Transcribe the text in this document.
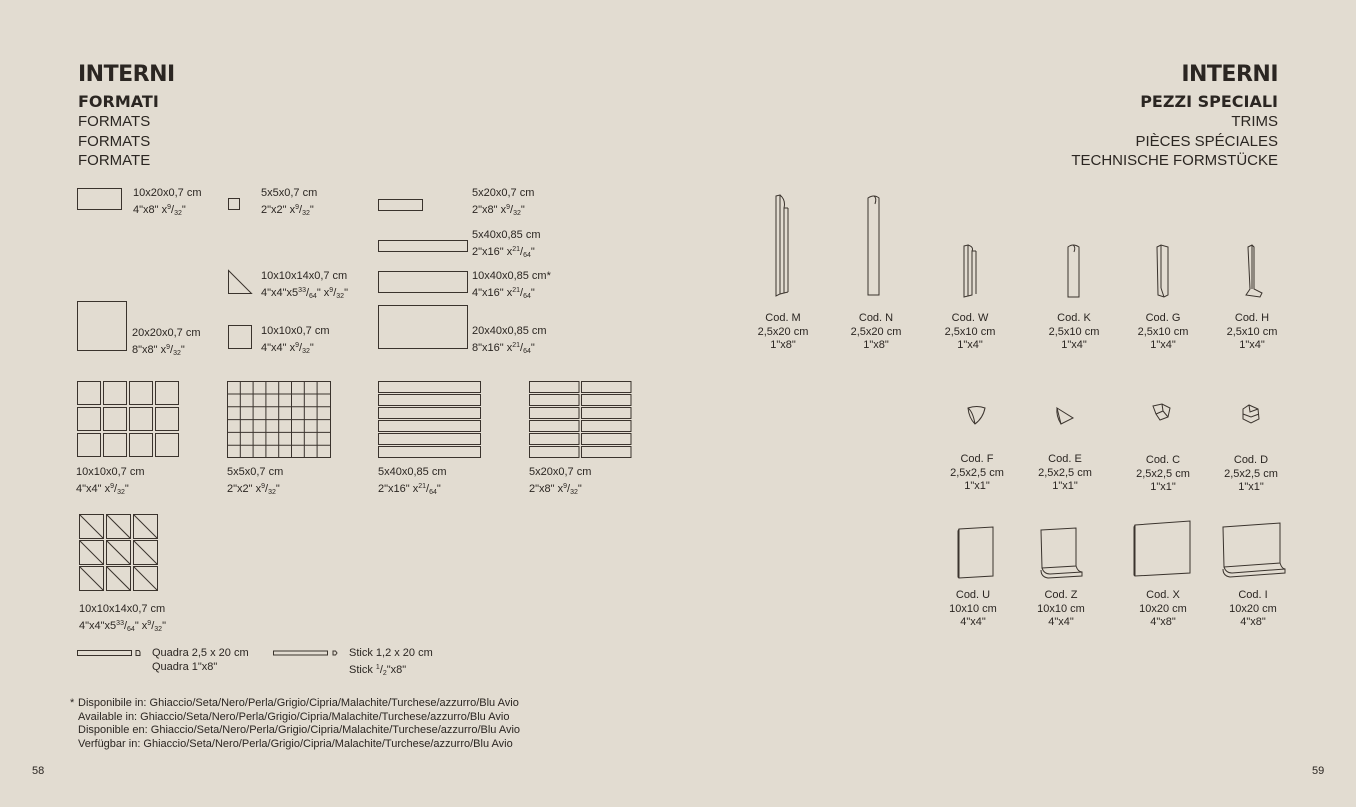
INTERNI
FORMATI
FORMATS
FORMATS
FORMATE
10x20x0,7 cm
4"x8" $x^9/32$"
5x5x0,7 cm
2"x2" $x^9/32$"
5x20x0,7 cm
2"x8" $x^9/32$"
5x40x0,85 cm
2"x16" $x^{21}/64$"
10x10x14x0,7 cm
$4"x4"x5^{33}/64$" $x^9/32$"
10x40x0,85 cm*
4"x16" $x^{21}/64$"
20x20x0,7 cm
8"x8" $x^9/32$"
10x10x0,7 cm
4"x4" $x^9/32$"
20x40x0,85 cm
8"x16" $x^{21}/64$"
10x10x0,7 cm
4"x4" $x^9/32$"
5x5x0,7 cm
2"x2" $x^9/32$"
5x40x0,85 cm
2"x16" $x^{21}/64$"
5x20x0,7 cm
2"x8" $x^9/32$"
10x10x14x0,7 cm
$4"x4"x5^{33}/64$" $x^9/32$"
Quadra 2,5 x 20 cm
Quadra 1"x8"
Stick 1,2 x 20 cm
Stick $^1$/2"x8"
* Disponibile in: Ghiaccio/Seta/Nero/Perla/Grigio/Cipria/Malachite/Turchese/azzurro/Blu Avio
Available in: Ghiaccio/Seta/Nero/Perla/Grigio/Cipria/Malachite/Turchese/azzurro/Blu Avio
Disponible en: Ghiaccio/Seta/Nero/Perla/Grigio/Cipria/Malachite/Turchese/azzurro/Blu Avio
Verfügbar in: Ghiaccio/Seta/Nero/Perla/Grigio/Cipria/Malachite/Turchese/azzurro/Blu Avio
58
INTERNI
PEZZI SPECIALI
TRIMS
PIÈCES SPÉCIALES
TECHNISCHE FORMSTÜCKE
Cod. M
2,5x20 cm
1"x8"
Cod. N
2,5x20 cm
1"x8"
Cod. W
2,5x10 cm
1"x4"
Cod. K
2,5x10 cm
1"x4"
Cod. G
2,5x10 cm
1"x4"
Cod. H
2,5x10 cm
1"x4"
Cod. F
2,5x2,5 cm
1"x1"
Cod. E
2,5x2,5 cm
1"x1"
Cod. C
2,5x2,5 cm
1"x1"
Cod. D
2,5x2,5 cm
1"x1"
Cod. U
10x10 cm
4"x4"
Cod. Z
10x10 cm
4"x4"
Cod. X
10x20 cm
4"x8"
Cod. I
10x20 cm
4"x8"
59
